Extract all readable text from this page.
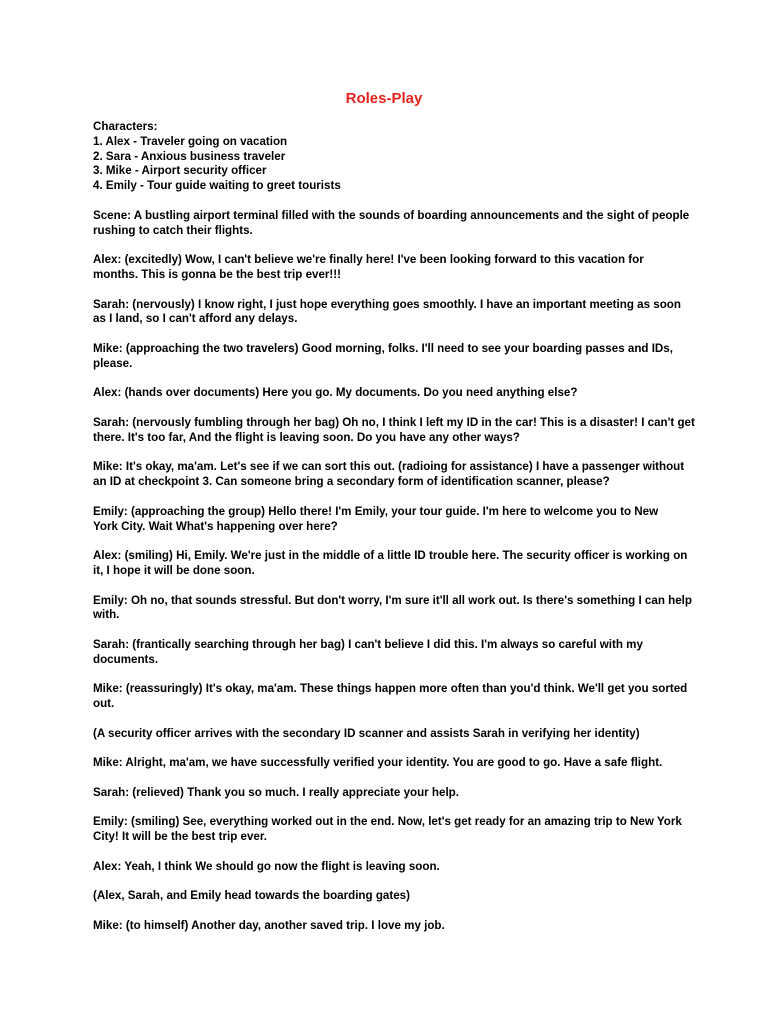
Roles-Play
Characters:
1. Alex - Traveler going on vacation
2. Sara - Anxious business traveler
3. Mike - Airport security officer
4. Emily - Tour guide waiting to greet tourists
Scene: A bustling airport terminal filled with the sounds of boarding announcements and the sight of people
rushing to catch their flights.
Alex: (excitedly) Wow, I can't believe we're finally here! I've been looking forward to this vacation for
months. This is gonna be the best trip ever!!!
Sarah: (nervously) I know right, I just hope everything goes smoothly. I have an important meeting as soon
as I land, so I can't afford any delays.
Mike: (approaching the two travelers) Good morning, folks. I'll need to see your boarding passes and IDs,
please.
Alex: (hands over documents) Here you go. My documents. Do you need anything else?
Sarah: (nervously fumbling through her bag) Oh no, I think I left my ID in the car! This is a disaster! I can't get
there. It's too far, And the flight is leaving soon. Do you have any other ways?
Mike: It's okay, ma'am. Let's see if we can sort this out. (radioing for assistance) I have a passenger without
an ID at checkpoint 3. Can someone bring a secondary form of identification scanner, please?
Emily: (approaching the group) Hello there! I'm Emily, your tour guide. I'm here to welcome you to New
York City. Wait What's happening over here?
Alex: (smiling) Hi, Emily. We're just in the middle of a little ID trouble here. The security officer is working on
it, I hope it will be done soon.
Emily: Oh no, that sounds stressful. But don't worry, I'm sure it'll all work out. Is there's something I can help
with.
Sarah: (frantically searching through her bag) I can't believe I did this. I'm always so careful with my
documents.
Mike: (reassuringly) It's okay, ma'am. These things happen more often than you'd think. We'll get you sorted
out.
(A security officer arrives with the secondary ID scanner and assists Sarah in verifying her identity)
Mike: Alright, ma'am, we have successfully verified your identity. You are good to go. Have a safe flight.
Sarah: (relieved) Thank you so much. I really appreciate your help.
Emily: (smiling) See, everything worked out in the end. Now, let's get ready for an amazing trip to New York
City! It will be the best trip ever.
Alex: Yeah, I think We should go now the flight is leaving soon.
(Alex, Sarah, and Emily head towards the boarding gates)
Mike: (to himself) Another day, another saved trip. I love my job.
